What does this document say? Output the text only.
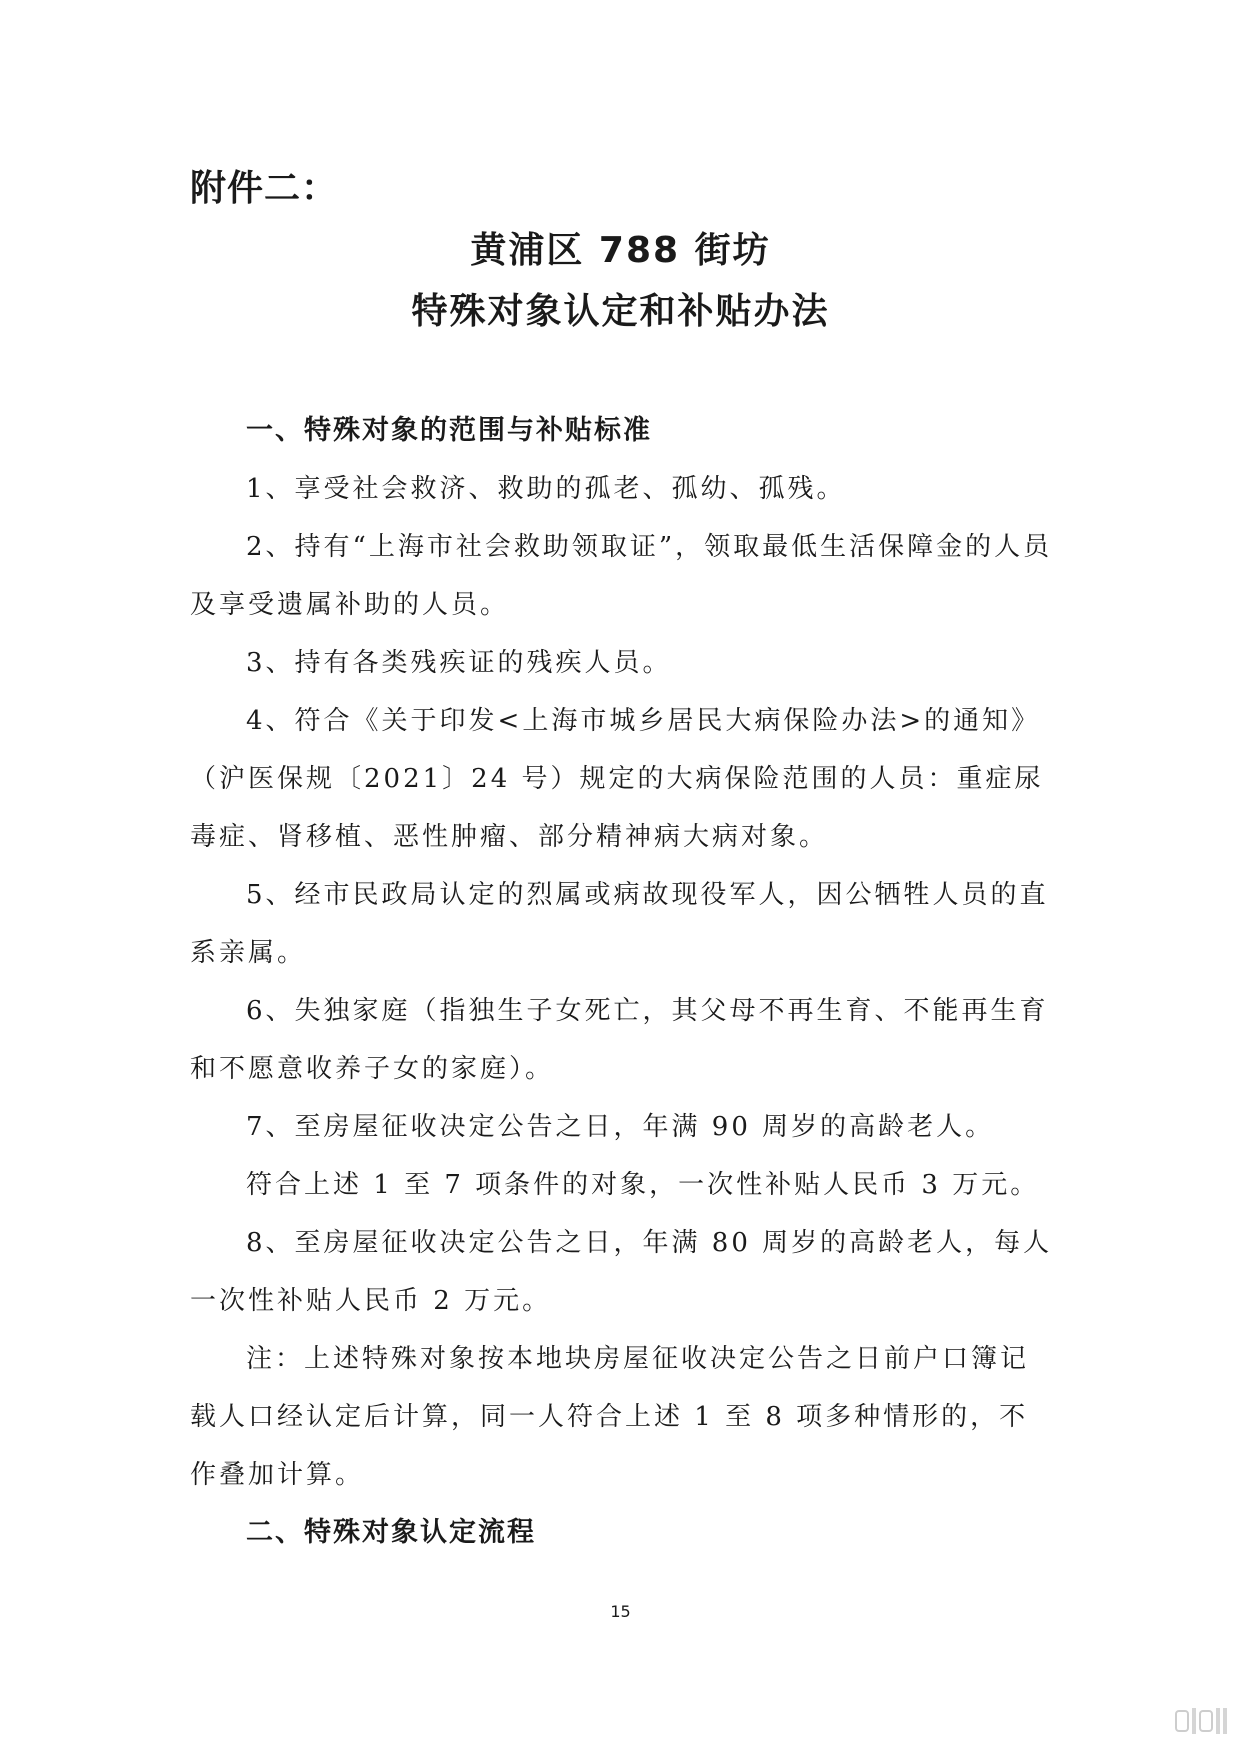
附件二：
黄浦区 788 街坊
特殊对象认定和补贴办法
一、特殊对象的范围与补贴标准

1、享受社会救济、救助的孤老、孤幼、孤残。

2、持有“上海市社会救助领取证”，领取最低生活保障金的人员及享受遗属补助的人员。

3、持有各类残疾证的残疾人员。

4、符合《关于印发<上海市城乡居民大病保险办法>的通知》（沪医保规〔2021〕24 号）规定的大病保险范围的人员：重症尿毒症、肾移植、恶性肿瘤、部分精神病大病对象。

5、经市民政局认定的烈属或病故现役军人，因公牺牲人员的直系亲属。

6、失独家庭（指独生子女死亡，其父母不再生育、不能再生育和不愿意收养子女的家庭）。

7、至房屋征收决定公告之日，年满 90 周岁的高龄老人。

符合上述 1 至 7 项条件的对象，一次性补贴人民币 3 万元。

8、至房屋征收决定公告之日，年满 80 周岁的高龄老人，每人一次性补贴人民币 2 万元。

注：上述特殊对象按本地块房屋征收决定公告之日前户口簿记载人口经认定后计算，同一人符合上述 1 至 8 项多种情形的，不作叠加计算。

二、特殊对象认定流程
15
